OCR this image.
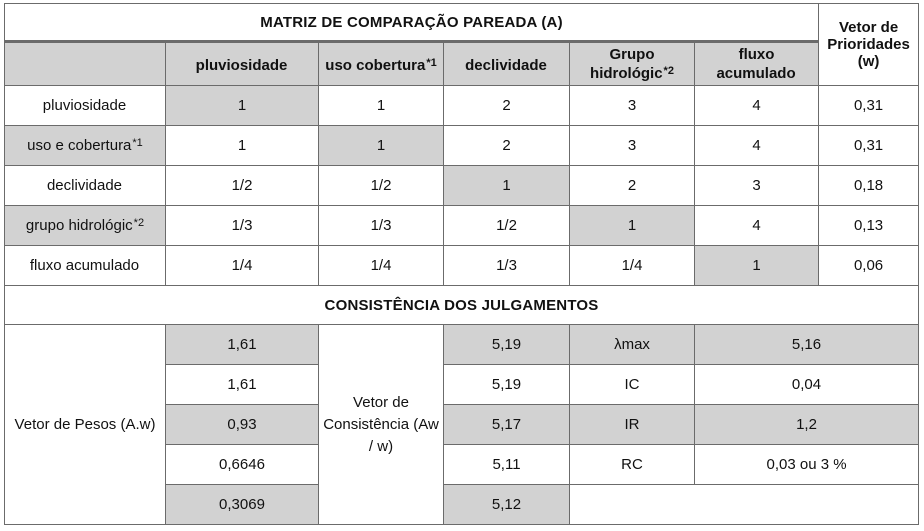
MATRIZ DE COMPARAÇÃO PAREADA (A)						Vetor de Prioridades (w)
	pluviosidade	uso cobertura$^{*1}$	declividade	Grupo hidrológic$^{*2}$	fluxo acumulado	
pluviosidade	1	1	2	3	4	0,31
uso e cobertura$^{*1}$	1	1	2	3	4	0,31
declividade	1/2	1/2	1	2	3	0,18
grupo hidrológic$^{*2}$	1/3	1/3	1/2	1	4	0,13
fluxo acumulado	1/4	1/4	1/3	1/4	1	0,06
CONSISTÊNCIA DOS JULGAMENTOS						
Vetor de Pesos (A.w)	1,61	Vetor de Consistência (Aw / w)	5,19	λmax	5,16	
	1,61		5,19	IC	0,04	
	0,93		5,17	IR	1,2	
	0,6646		5,11	RC	0,03 ou 3 %	
	0,3069		5,12			
